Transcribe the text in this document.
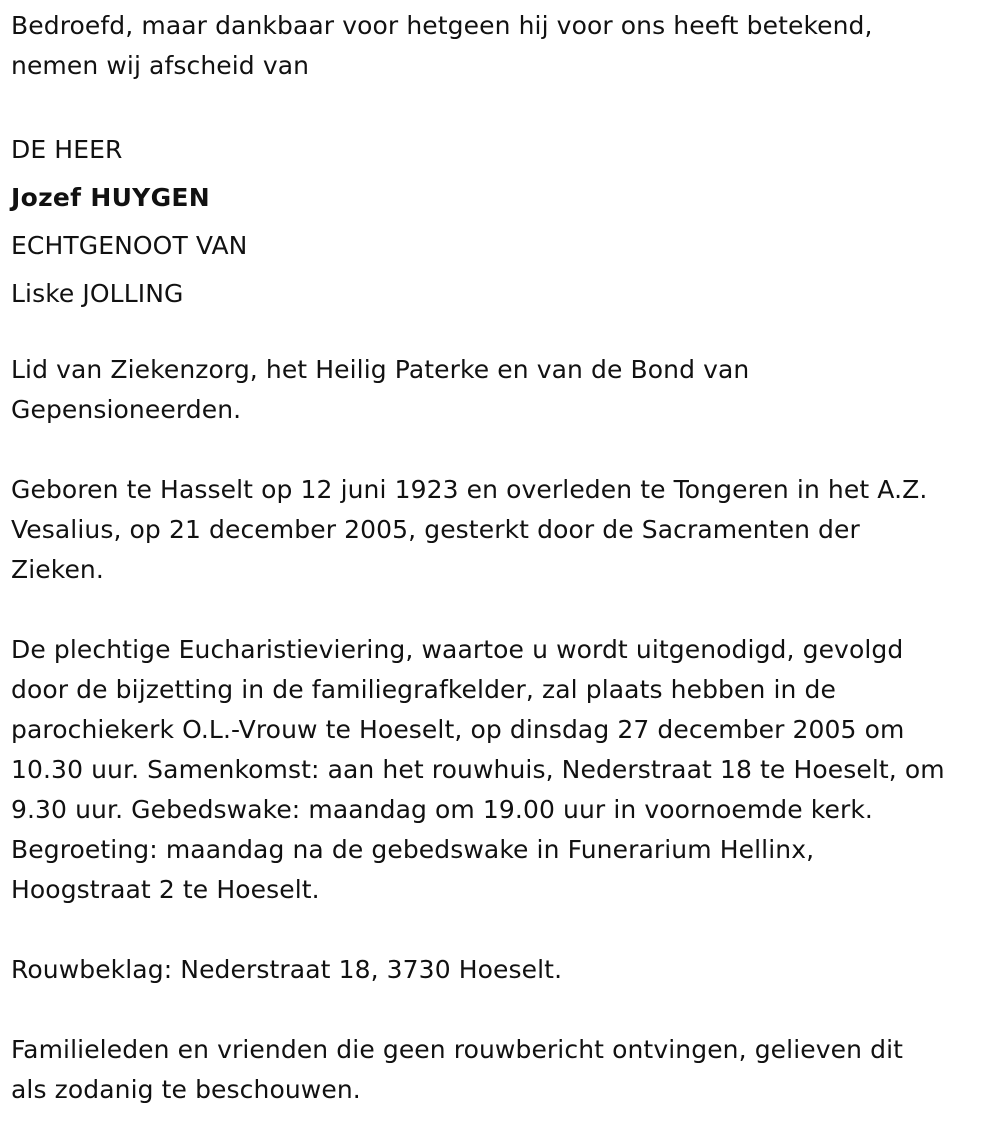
Bedroefd, maar dankbaar voor hetgeen hij voor ons heeft betekend,
nemen wij afscheid van

DE HEER
Jozef HUYGEN
ECHTGENOOT VAN
Liske JOLLING

Lid van Ziekenzorg, het Heilig Paterke en van de Bond van
Gepensioneerden.

Geboren te Hasselt op 12 juni 1923 en overleden te Tongeren in het A.Z.
Vesalius, op 21 december 2005, gesterkt door de Sacramenten der
Zieken.

De plechtige Eucharistieviering, waartoe u wordt uitgenodigd, gevolgd
door de bijzetting in de familiegrafkelder, zal plaats hebben in de
parochiekerk O.L.-Vrouw te Hoeselt, op dinsdag 27 december 2005 om
10.30 uur. Samenkomst: aan het rouwhuis, Nederstraat 18 te Hoeselt, om
9.30 uur. Gebedswake: maandag om 19.00 uur in voornoemde kerk.
Begroeting: maandag na de gebedswake in Funerarium Hellinx,
Hoogstraat 2 te Hoeselt.

Rouwbeklag: Nederstraat 18, 3730 Hoeselt.

Familieleden en vrienden die geen rouwbericht ontvingen, gelieven dit
als zodanig te beschouwen.
